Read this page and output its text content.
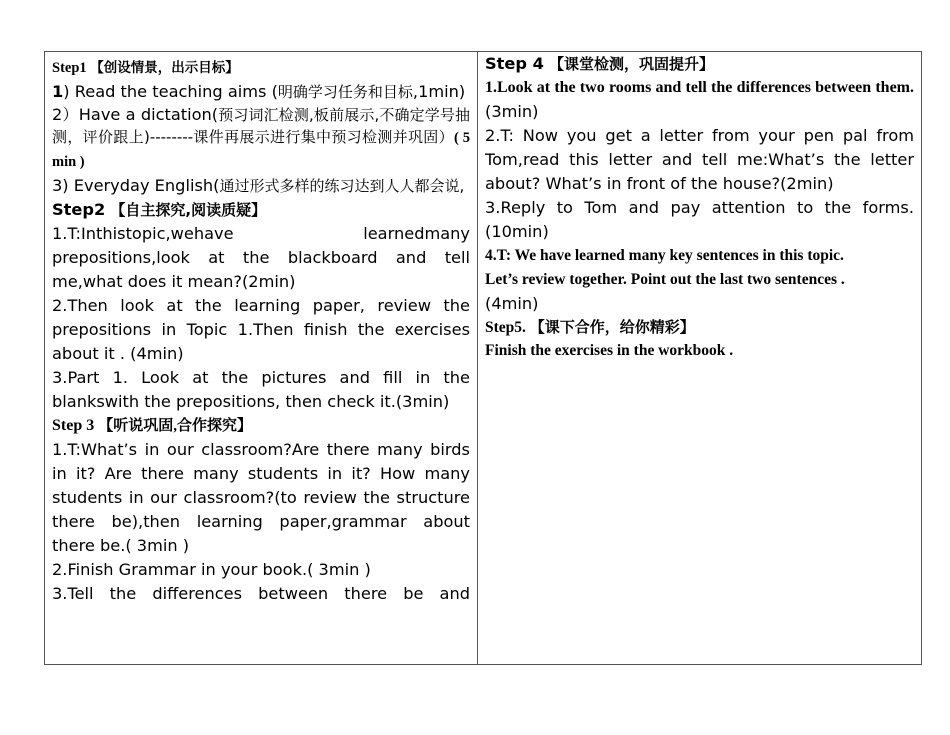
Step1 【创设情景，出示目标】

1) Read the teaching aims (明确学习任务和目标,1min)

2）Have a dictation(预习词汇检测,板前展示,不确定学号抽测，评价跟上)--------课件再展示进行集中预习检测并巩固）( 5 min )

3) Everyday English(通过形式多样的练习达到人人都会说,

Step2 【自主探究,阅读质疑】

1.T:Inthistopic,wehave learnedmany

prepositions,look at the blackboard and tell me,what does it mean?(2min)

2.Then look at the learning paper, review the prepositions in Topic 1.Then finish the exercises about it . (4min)

3.Part 1. Look at the pictures and fill in the blankswith the prepositions, then check it.(3min)

Step 3 【听说巩固,合作探究】

1.T:What’s in our classroom?Are there many birds in it? Are there many students in it? How many students in our classroom?(to review the structure there be),then learning paper,grammar about there be.( 3min )

2.Finish Grammar in your book.( 3min )

3.Tell the differences between there be and

Step 4 【课堂检测，巩固提升】

1.Look at the two rooms and tell the differences between them.(3min)

2.T: Now you get a letter from your pen pal from Tom,read this letter and tell me:What’s the letter about? What’s in front of the house?(2min)

3.Reply to Tom and pay attention to the forms.(10min)

4.T: We have learned many key sentences in this topic.

Let’s review together. Point out the last two sentences .

(4min)

Step5. 【课下合作，给你精彩】

Finish the exercises in the workbook .
